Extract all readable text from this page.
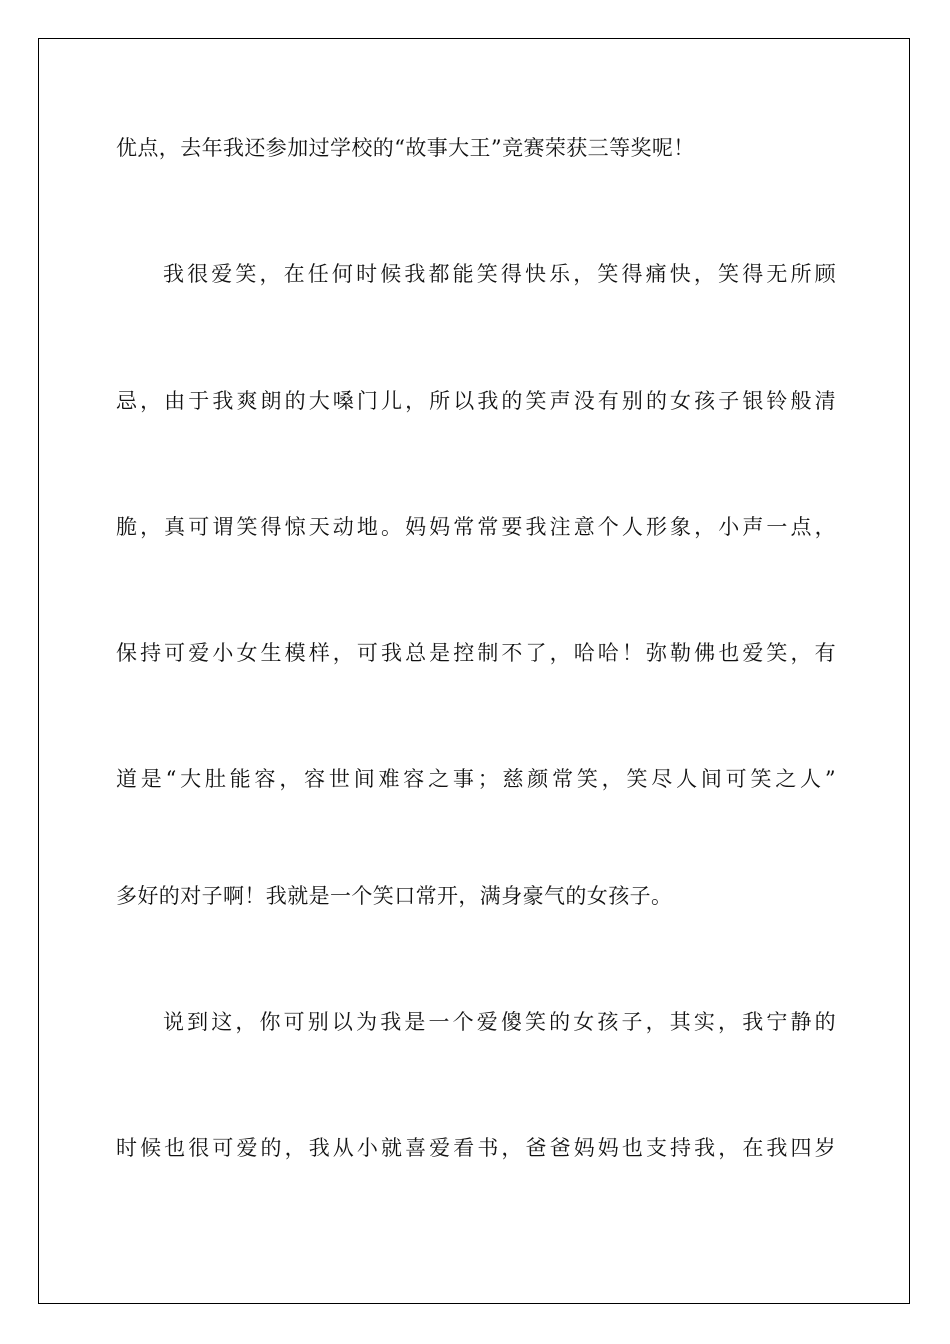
优点，去年我还参加过学校的“故事大王”竞赛荣获三等奖呢！
我很爱笑，在任何时候我都能笑得快乐，笑得痛快，笑得无所顾
忌，由于我爽朗的大嗓门儿，所以我的笑声没有别的女孩子银铃般清
脆，真可谓笑得惊天动地。妈妈常常要我注意个人形象，小声一点，
保持可爱小女生模样，可我总是控制不了，哈哈！弥勒佛也爱笑，有
道是“大肚能容，容世间难容之事；慈颜常笑，笑尽人间可笑之人”
多好的对子啊！我就是一个笑口常开，满身豪气的女孩子。
说到这，你可别以为我是一个爱傻笑的女孩子，其实，我宁静的
时候也很可爱的，我从小就喜爱看书，爸爸妈妈也支持我，在我四岁
